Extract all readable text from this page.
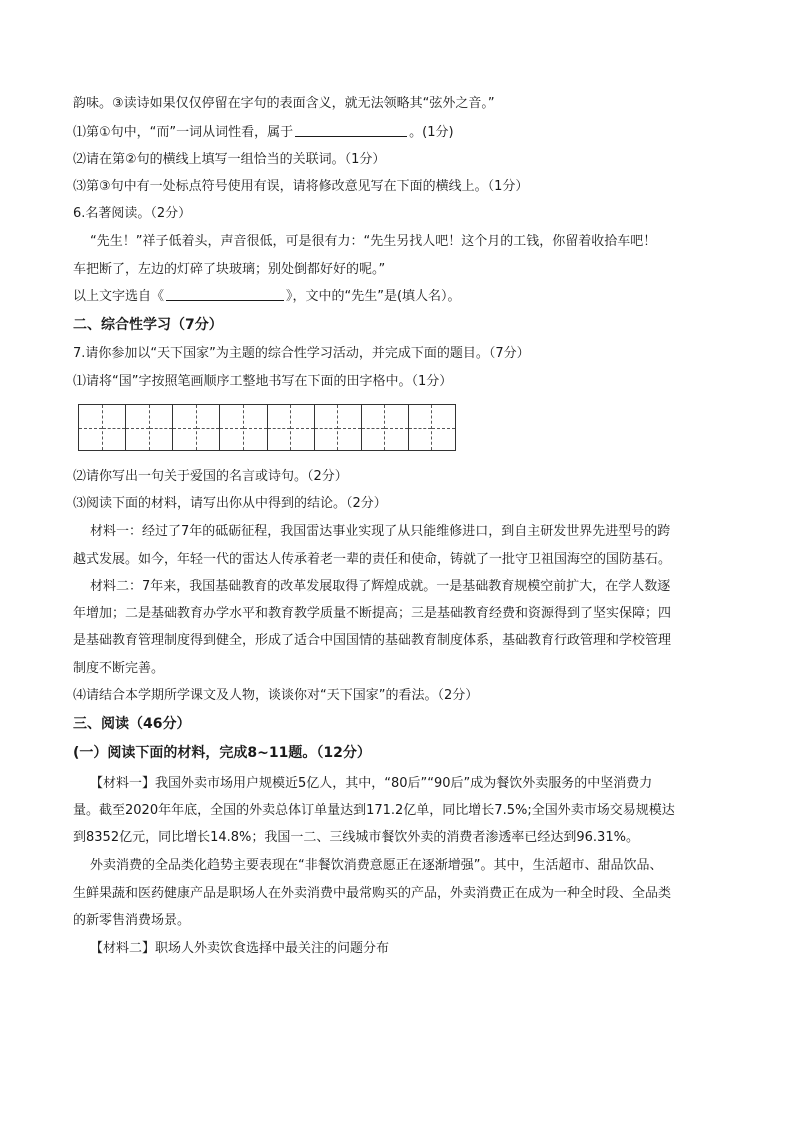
韵味。③读诗如果仅仅停留在字句的表面含义，就无法领略其“弦外之音。”
⑴第①句中，“而”一词从词性看，属于	。(1分)
⑵请在第②句的横线上填写一组恰当的关联词。（1分）
⑶第③句中有一处标点符号使用有误，请将修改意见写在下面的横线上。（1分）
6.名著阅读。（2分）
“先生！”祥子低着头，声音很低，可是很有力：“先生另找人吧！这个月的工钱，你留着收拾车吧！
车把断了，左边的灯碎了块玻璃；别处倒都好好的呢。”
以上文字选自《	》，文中的“先生”是(填人名）。
二、综合性学习（7分）
7.请你参加以“天下国家”为主题的综合性学习活动，并完成下面的题目。（7分）
⑴请将“国”字按照笔画顺序工整地书写在下面的田字格中。（1分）
⑵请你写出一句关于爱国的名言或诗句。（2分）
⑶阅读下面的材料，请写出你从中得到的结论。（2分）
材料一：经过了7年的砥砺征程，我国雷达事业实现了从只能维修进口，到自主研发世界先进型号的跨
越式发展。如今，年轻一代的雷达人传承着老一辈的责任和使命，铸就了一批守卫祖国海空的国防基石。
材料二：7年来，我国基础教育的改革发展取得了辉煌成就。一是基础教育规模空前扩大，在学人数逐
年增加；二是基础教育办学水平和教育教学质量不断提高；三是基础教育经费和资源得到了坚实保障；四
是基础教育管理制度得到健全，形成了适合中国国情的基础教育制度体系，基础教育行政管理和学校管理
制度不断完善。
⑷请结合本学期所学课文及人物，谈谈你对“天下国家”的看法。（2分）
三、阅读（46分）
(一）阅读下面的材料，完成8~11题。（12分）
【材料一】我国外卖市场用户规模近5亿人，其中，“80后”“90后”成为餐饮外卖服务的中坚消费力
量。截至2020年年底，全国的外卖总体订单量达到171.2亿单，同比增长7.5%;全国外卖市场交易规模达
到8352亿元，同比增长14.8%；我国一二、三线城市餐饮外卖的消费者渗透率已经达到96.31%。
外卖消费的全品类化趋势主要表现在“非餐饮消费意愿正在逐渐增强”。其中，生活超市、甜品饮品、
生鲜果蔬和医药健康产品是职场人在外卖消费中最常购买的产品，外卖消费正在成为一种全时段、全品类
的新零售消费场景。
【材料二】职场人外卖饮食选择中最关注的问题分布
